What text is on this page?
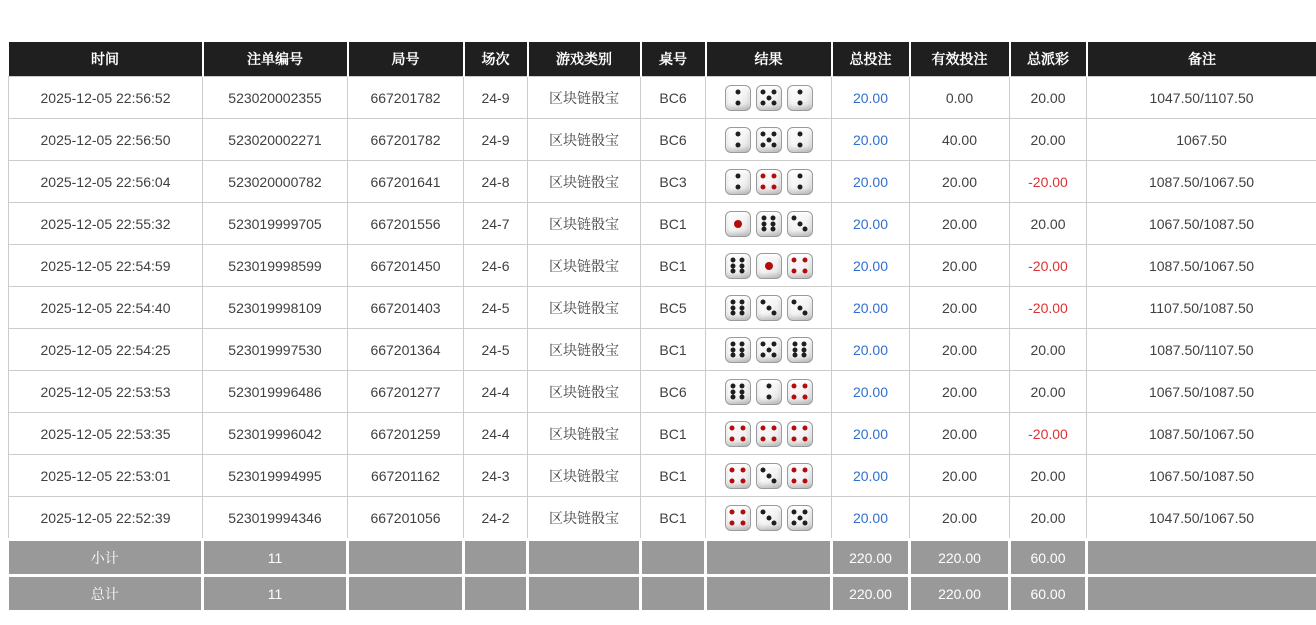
时间	注单编号	局号	场次	游戏类别	桌号	结果	总投注	有效投注	总派彩	备注
2025-12-05 22:56:52	523020002355	667201782	24-9	区块链骰宝	BC6		20.00	0.00	20.00	1047.50/1107.50
2025-12-05 22:56:50	523020002271	667201782	24-9	区块链骰宝	BC6		20.00	40.00	20.00	1067.50
2025-12-05 22:56:04	523020000782	667201641	24-8	区块链骰宝	BC3		20.00	20.00	-20.00	1087.50/1067.50
2025-12-05 22:55:32	523019999705	667201556	24-7	区块链骰宝	BC1		20.00	20.00	20.00	1067.50/1087.50
2025-12-05 22:54:59	523019998599	667201450	24-6	区块链骰宝	BC1		20.00	20.00	-20.00	1087.50/1067.50
2025-12-05 22:54:40	523019998109	667201403	24-5	区块链骰宝	BC5		20.00	20.00	-20.00	1107.50/1087.50
2025-12-05 22:54:25	523019997530	667201364	24-5	区块链骰宝	BC1		20.00	20.00	20.00	1087.50/1107.50
2025-12-05 22:53:53	523019996486	667201277	24-4	区块链骰宝	BC6		20.00	20.00	20.00	1067.50/1087.50
2025-12-05 22:53:35	523019996042	667201259	24-4	区块链骰宝	BC1		20.00	20.00	-20.00	1087.50/1067.50
2025-12-05 22:53:01	523019994995	667201162	24-3	区块链骰宝	BC1		20.00	20.00	20.00	1067.50/1087.50
2025-12-05 22:52:39	523019994346	667201056	24-2	区块链骰宝	BC1		20.00	20.00	20.00	1047.50/1067.50
小计	11						220.00	220.00	60.00	
总计	11						220.00	220.00	60.00	
